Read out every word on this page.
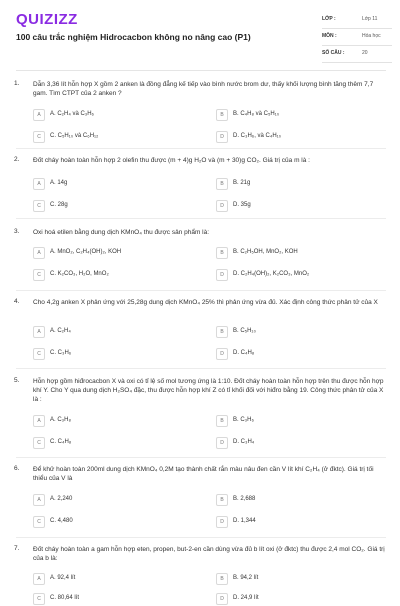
QUIZIZZ
100 câu trắc nghiệm Hidrocacbon không no nâng cao (P1)
LỚP :	Lớp 11
MÔN :	Hóa học
SỐ CÂU :	20
1. Dẫn 3,36 lít hỗn hợp X gồm 2 anken là đồng đẳng kế tiếp vào bình nước brom dư, thấy khối lượng bình tăng thêm 7,7 gam. Tìm CTPT của 2 anken ?
A	A. C₂H₄ và C₃H₆	B	B. C₄H₈ và C₅H₁₀
C	C. C₅H₁₀ và C₆H₁₂	D	D. C₃H₆, và C₄H₁₀
2. Đốt cháy hoàn toàn hỗn hợp 2 olefin thu được (m + 4)g H₂O và (m + 30)g CO₂. Giá trị của m là :
A	A. 14g	B	B. 21g
C	C. 28g	D	D. 35g
3. Oxi hoá etilen bằng dung dịch KMnO₄ thu được sản phẩm là:
A	A. MnO₂, C₂H₄(OH)₂, KOH	B	B. C₂H₅OH, MnO₂, KOH
C	C. K₂CO₃, H₂O, MnO₂	D	D. C₂H₄(OH)₂, K₂CO₃, MnO₂
4. Cho 4,2g anken X phản ứng với 25,28g dung dịch KMnO₄ 25% thì phản ứng vừa đủ. Xác định công thức phân tử của X
A	A. C₂H₄	B	B. C₅H₁₀
C	C. C₃H₆	D	D. C₄H₈
5. Hỗn hợp gồm hiđrocacbon X và oxi có tỉ lệ số mol tương ứng là 1:10. Đốt cháy hoàn toàn hỗn hợp trên thu được hỗn hợp khí Y. Cho Y qua dung dịch H₂SO₄ đặc, thu được hỗn hợp khí Z có tỉ khối đối với hiđro bằng 19. Công thức phân tử của X là :
A	A. C₃H₈	B	B. C₃H₆
C	C. C₄H₈	D	D. C₃H₄
6. Để khử hoàn toàn 200ml dung dịch KMnO₄ 0,2M tạo thành chất rắn màu nâu đen cần V lít khí C₂H₄ (ở đktc). Giá trị tối thiểu của V là
A	A. 2,240	B	B. 2,688
C	C. 4,480	D	D. 1,344
7. Đốt cháy hoàn toàn a gam hỗn hợp eten, propen, but-2-en cần dùng vừa đủ b lít oxi (ở đktc) thu được 2,4 mol CO₂. Giá trị của b là:
A	A. 92,4 lít	B	B. 94,2 lít
C	C. 80,64 lít	D	D. 24,9 lít
